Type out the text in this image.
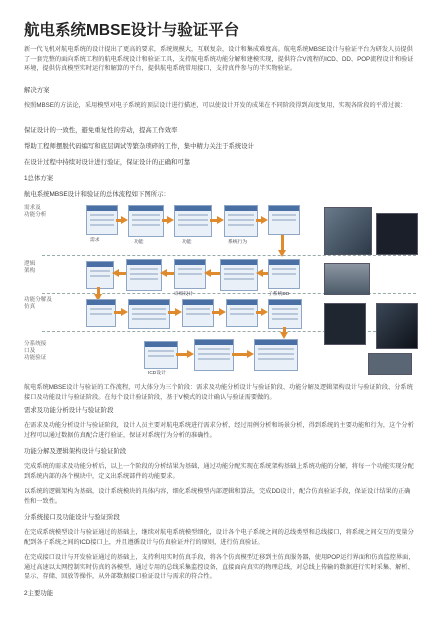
航电系统MBSE设计与验证平台

新一代飞机对航电系统的设计提出了更高的要求，系统规模大，互联复杂，设计和集成难度高。航电系统MBSE设计与验证平台为研发人员提供了一套完整的面向系统工程的航电系统设计和验证工具，支持航电系统功能分解和建模实现，提供符合V流程的ICD、DD、POP流程设计和验证环境，提供仿真模型实时运行和解算的平台，提供航电系统常用接口，支持真件参与的半实物验证。

解决方案

按照MBSE的方法论，采用模型对电子系统的顶层设计进行描述，可以使设计开发的成果在不同阶段得到高度复用，实现各阶段的平滑过渡：

保证设计的一致性，避免重复性的劳动，提高工作效率

帮助工程师摆脱代码编写和底层调试等繁杂琐碎的工作，集中精力关注于系统设计

在设计过程中持续对设计进行验证，保证设计的正确和可靠

1总体方案

航电系统MBSE设计和验证的总体流程如下图所示：

需求及
功能分析
逻辑
架构
功能分解及
仿真
分系统接
口及
功能验证
需求	功能	功能	系统行为
详细设计	子系统DD
ICD设计

航电系统MBSE设计与验证的工作流程，可大体分为三个阶段：需求及功能分析设计与验证阶段、功能分解及逻辑架构设计与验证阶段、分系统接口及功能设计与验证阶段。在每个设计验证阶段，基于V模式的设计确认与验证需要做的。

需求及功能分析设计与验证阶段

在需求及功能分析设计与验证阶段，设计人员主要对航电系统进行需求分析，经过用例分析和场景分析，得到系统的主要功能和行为，这个分析过程可以通过数据仿真配合进行验证，保证对系统行为分析的准确性。

功能分解及逻辑架构设计与验证阶段

完成系统的需求及功能分析后，以上一个阶段的分析结果为基础，通过功能分配实现在系统架构基础上系统功能的分解，将每一个功能实现分配到系统内部的各个模块中，定义出系统部件的功能要求。

以系统的逻辑架构为基础，设计系统模块的具体内容，细化系统模型内部逻辑和算法，完成DD设计，配合仿真验证手段，保证设计结果的正确性和一致性。

分系统接口及功能设计与验证阶段

在完成系统模型设计与验证通过的基础上，继续对航电系统模型细化，设计各个电子系统之间的总线类型和总线接口，将系统之间交互的变量分配到各子系统之间的ICD接口上，并且遵循设计与仿真验证并行的原则，进行仿真验证。

在完成接口设计与开发验证通过的基础上，支持利用实时仿真手段，将各个仿真模型迁移到主仿真服务器，使用POP运行界面和仿真监控界面，通过高速以太网控制实时仿真的各模型，通过专用的总线采集监控设备，直接面向真实的物理总线，对总线上传输的数据进行实时采集、解析、显示、存储、回放等操作，从外部数据接口验证设计与需求的符合性。

2主要功能
